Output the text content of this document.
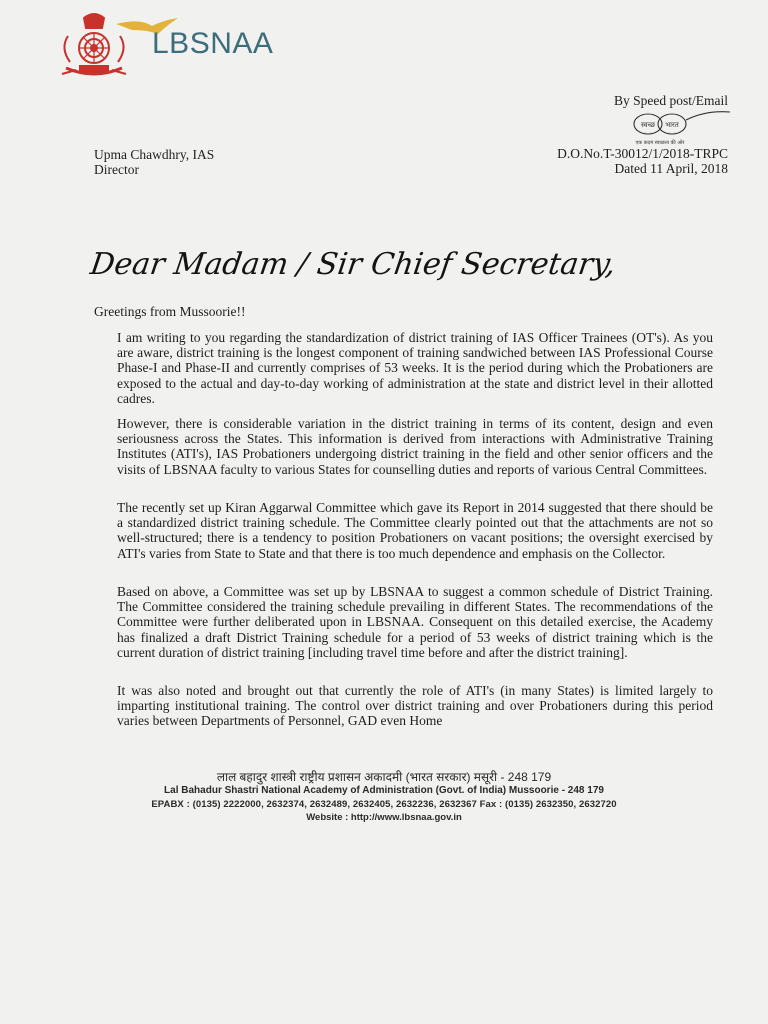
LBSNAA
By Speed post/Email
स्वच्छ भारत
एक कदम स्वच्छता की ओर
Upma Chawdhry, IAS
Director
D.O.No.T-30012/1/2018-TRPC
Dated 11 April, 2018
Dear Madam / Sir Chief Secretary,
Greetings from Mussoorie!!

I am writing to you regarding the standardization of district training of IAS Officer Trainees (OT's). As you are aware, district training is the longest component of training sandwiched between IAS Professional Course Phase-I and Phase-II and currently comprises of 53 weeks. It is the period during which the Probationers are exposed to the actual and day-to-day working of administration at the state and district level in their allotted cadres.

However, there is considerable variation in the district training in terms of its content, design and even seriousness across the States. This information is derived from interactions with Administrative Training Institutes (ATI's), IAS Probationers undergoing district training in the field and other senior officers and the visits of LBSNAA faculty to various States for counselling duties and reports of various Central Committees.

The recently set up Kiran Aggarwal Committee which gave its Report in 2014 suggested that there should be a standardized district training schedule. The Committee clearly pointed out that the attachments are not so well-structured; there is a tendency to position Probationers on vacant positions; the oversight exercised by ATI's varies from State to State and that there is too much dependence and emphasis on the Collector.

Based on above, a Committee was set up by LBSNAA to suggest a common schedule of District Training. The Committee considered the training schedule prevailing in different States. The recommendations of the Committee were further deliberated upon in LBSNAA. Consequent on this detailed exercise, the Academy has finalized a draft District Training schedule for a period of 53 weeks of district training which is the current duration of district training [including travel time before and after the district training].

It was also noted and brought out that currently the role of ATI's (in many States) is limited largely to imparting institutional training. The control over district training and over Probationers during this period varies between Departments of Personnel, GAD even Home

लाल बहादुर शास्त्री राष्ट्रीय प्रशासन अकादमी (भारत सरकार) मसूरी - 248 179
Lal Bahadur Shastri National Academy of Administration (Govt. of India) Mussoorie - 248 179
EPABX : (0135) 2222000, 2632374, 2632489, 2632405, 2632236, 2632367 Fax : (0135) 2632350, 2632720
Website : http://www.lbsnaa.gov.in
